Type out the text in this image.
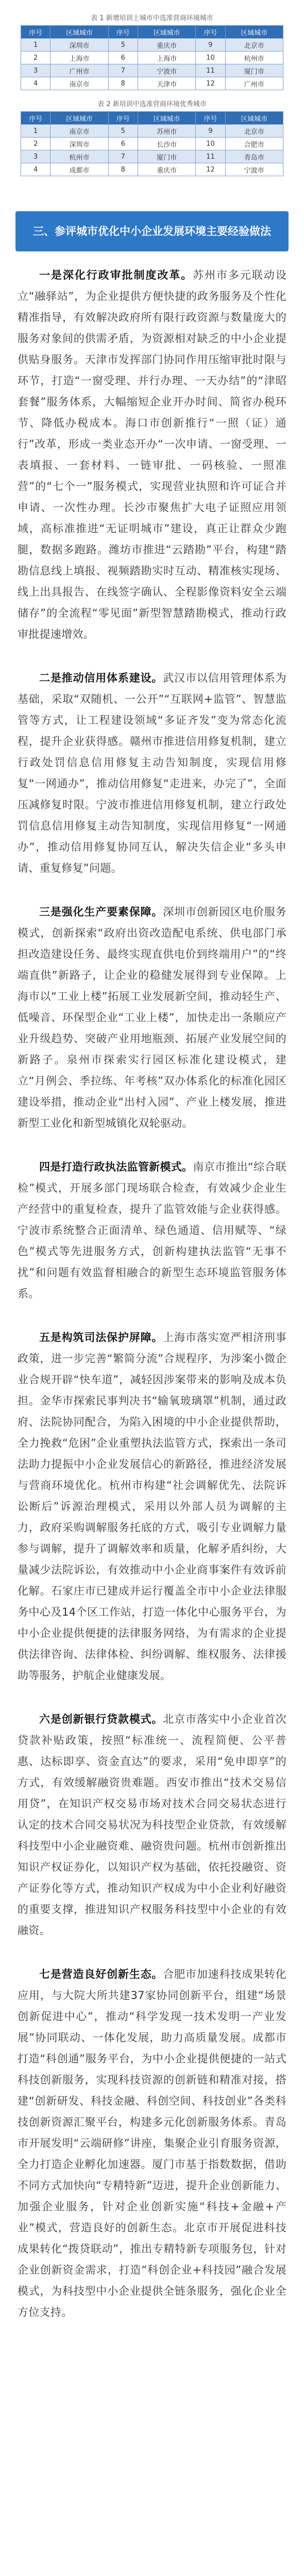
表 1 新增培训上城市中选准营商环境城市
序号	区域城市	序号	区域城市	序号	区域城市
1	深圳市	5	重庆市	9	北京市
2	上海市	6	上海市	10	杭州市
3	广州市	7	宁波市	11	厦门市
4	南京市	8	天津市	12	广州市
表 2 新培训中选准营商环境优秀城市
序号	区域城市	序号	区域城市	序号	区域城市
1	南京市	5	苏州市	9	北京市
2	深圳市	6	长沙市	10	合肥市
3	杭州市	7	厦门市	11	青岛市
4	成都市	8	重庆市	12	宁波市
三、参评城市优化中小企业发展环境主要经验做法

一是深化行政审批制度改革。苏州市多元联动设立“融驿站”，为企业提供方便快捷的政务服务及个性化精准指导，有效解决政府所有限行政资源与数量庞大的服务对象间的供需矛盾，为资源相对缺乏的中小企业提供贴身服务。天津市发挥部门协同作用压缩审批时限与环节，打造“一窗受理、并行办理、一天办结”的“津昭套餐”服务体系，大幅缩短企业开办时间、简省办税环节、降低办税成本。海口市创新推行“一照（证）通行”改革，形成一类业态开办“一次申请、一窗受理、一表填报、一套材料、一链审批、一码核验、一照准营”的“七个一”服务模式，实现营业执照和许可证合并申请、一次性办理。长沙市聚焦扩大电子证照应用领域，高标准推进“无证明城市”建设，真正让群众少跑腿，数据多跑路。潍坊市推进“云踏勘”平台，构建“踏勘信息线上填报、视频踏勘实时互动、精准核实现场、线上出具报告、在线签字确认、全程影像资料安全云端储存”的全流程“零见面”新型智慧踏勘模式，推动行政审批提速增效。

二是推动信用体系建设。武汉市以信用管理体系为基础，采取“双随机、一公开”“互联网+监管”、智慧监管等方式，让工程建设领域“多证齐发”变为常态化流程，提升企业获得感。赣州市推进信用修复机制，建立行政处罚信息信用修复主动告知制度，实现信用修复“一网通办”，推动信用修复“走进来，办完了”，全面压减修复时限。宁波市推进信用修复机制，建立行政处罚信息信用修复主动告知制度，实现信用修复“一网通办”，推动信用修复协同互认，解决失信企业“多头申请、重复修复”问题。

三是强化生产要素保障。深圳市创新园区电价服务模式，创新探索“政府出资改造配电系统、供电部门承担改造建设任务、最终实现直供电价到终端用户”的“终端直供”新路子，让企业的稳健发展得到专业保障。上海市以“工业上楼”拓展工业发展新空间，推动轻生产、低噪音、环保型企业“工业上楼”，加快走出一条顺应产业升级趋势、突破产业用地瓶颈、拓展产业发展空间的新路子。泉州市探索实行园区标准化建设模式，建立“月例会、季拉练、年考核”双办体系化的标准化园区建设举措，推动企业“出村入园”、产业上楼发展，推进新型工业化和新型城镇化双轮驱动。

四是打造行政执法监管新模式。南京市推出“综合联检”模式，开展多部门现场联合检查，有效减少企业生产经营中的重复检查，提升了监管效能与企业获得感。宁波市系统整合正面清单、绿色通道、信用赋等、“绿色”模式等先进服务方式，创新构建执法监管“无事不扰”和问题有效监督相融合的新型生态环境监管服务体系。

五是构筑司法保护屏障。上海市落实宽严相济刑事政策，进一步完善“繁简分流”合规程序，为涉案小微企业合规开辟“快车道”，减轻因涉案带来的影响及成本负担。金华市探索民事判决书“输氧玻璃罩”机制，通过政府、法院协同配合，为陷入困境的中小企业提供帮助，全力挽救“危困”企业重塑执法监管方式，探索出一条司法助力提振中小企业发展信心的新路径，推进经济发展与营商环境优化。杭州市构建“社会调解优先、法院诉讼断后”诉源治理模式，采用以外部人员为调解的主力，政府采购调解服务托底的方式，吸引专业调解力量参与调解，提升了调解效率和质量，化解矛盾纠纷，大量减少法院诉讼，有效推动中小企业商事案件有效诉前化解。石家庄市已建成并运行覆盖全市中小企业法律服务中心及14个区工作站，打造一体化中心服务平台，为中小企业提供便捷的法律服务网络，为有需求的企业提供法律咨询、法律体检、纠纷调解、维权服务、法律援助等服务，护航企业健康发展。

六是创新银行贷款模式。北京市落实中小企业首次贷款补贴政策，按照“标准统一、流程简便、公平普惠、达标即享、资金直达”的要求，采用“免申即享”的方式，有效缓解融资贵难题。西安市推出“技术交易信用贷”，在知识产权交易市场对技术合同交易状态进行认定的技术合同交易状况为科技型企业贷款，有效缓解科技型中小企业融资难、融资贵问题。杭州市创新推出知识产权证券化，以知识产权为基础，依托投融资、资产证券化等方式，推动知识产权成为中小企业利好融资的重要支撑，推进知识产权服务科技型中小企业的有效融资。

七是营造良好创新生态。合肥市加速科技成果转化应用，与大院大所共建37家协同创新平台，组建“场景创新促进中心”，推动“科学发现一技术发明一产业发展”协同联动、一体化发展，助力高质量发展。成都市打造“科创通”服务平台，为中小企业提供便捷的一站式科技创新服务，实现科技资源的创新链和精准对接，搭建“创新研发、科技金融、科创空间、科技创业”各类科技创新资源汇聚平台，构建多元化创新服务体系。青岛市开展发明“云端研修”讲座，集聚企业引育服务资源，全力打造企业孵化加速器。厦门市基于指数数据，借助不同方式加快向“专精特新”迈进，提升企业创新能力、加强企业服务，针对企业创新实施“科技+金融+产业”模式，营造良好的创新生态。北京市开展促进科技成果转化“拨贷联动”，推出专精特新专项服务包，针对企业创新资金需求，打造“科创企业+科技园”融合发展模式，为科技型中小企业提供全链条服务，强化企业全方位支持。
